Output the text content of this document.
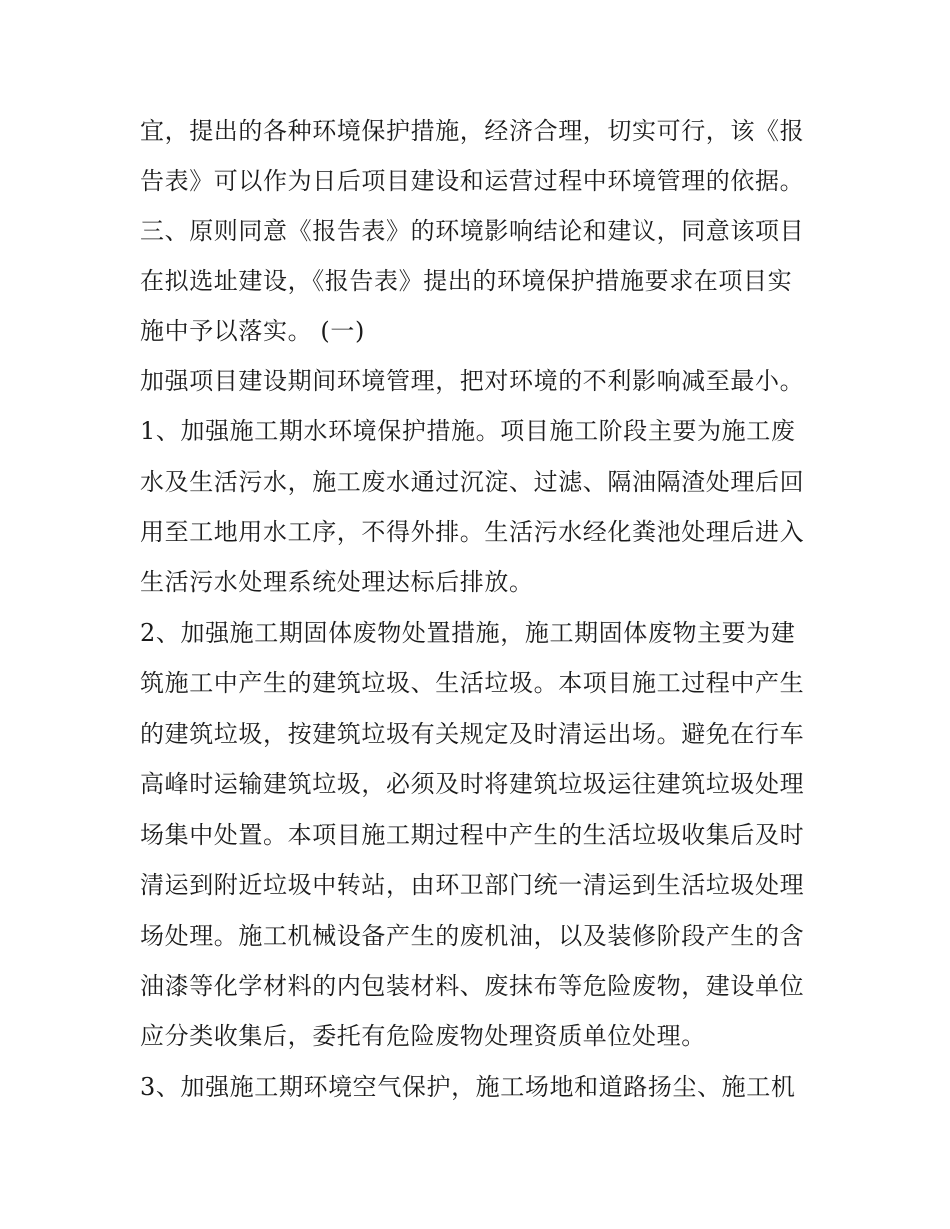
宜，提出的各种环境保护措施，经济合理，切实可行，该《报
告表》可以作为日后项目建设和运营过程中环境管理的依据。
三、原则同意《报告表》的环境影响结论和建议，同意该项目
在拟选址建设，《报告表》提出的环境保护措施要求在项目实
施中予以落实。 (一)
加强项目建设期间环境管理，把对环境的不利影响减至最小。
1、加强施工期水环境保护措施。项目施工阶段主要为施工废
水及生活污水，施工废水通过沉淀、过滤、隔油隔渣处理后回
用至工地用水工序，不得外排。生活污水经化粪池处理后进入
生活污水处理系统处理达标后排放。
2、加强施工期固体废物处置措施，施工期固体废物主要为建
筑施工中产生的建筑垃圾、生活垃圾。本项目施工过程中产生
的建筑垃圾，按建筑垃圾有关规定及时清运出场。避免在行车
高峰时运输建筑垃圾，必须及时将建筑垃圾运往建筑垃圾处理
场集中处置。本项目施工期过程中产生的生活垃圾收集后及时
清运到附近垃圾中转站，由环卫部门统一清运到生活垃圾处理
场处理。施工机械设备产生的废机油，以及装修阶段产生的含
油漆等化学材料的内包装材料、废抹布等危险废物，建设单位
应分类收集后，委托有危险废物处理资质单位处理。
3、加强施工期环境空气保护，施工场地和道路扬尘、施工机
